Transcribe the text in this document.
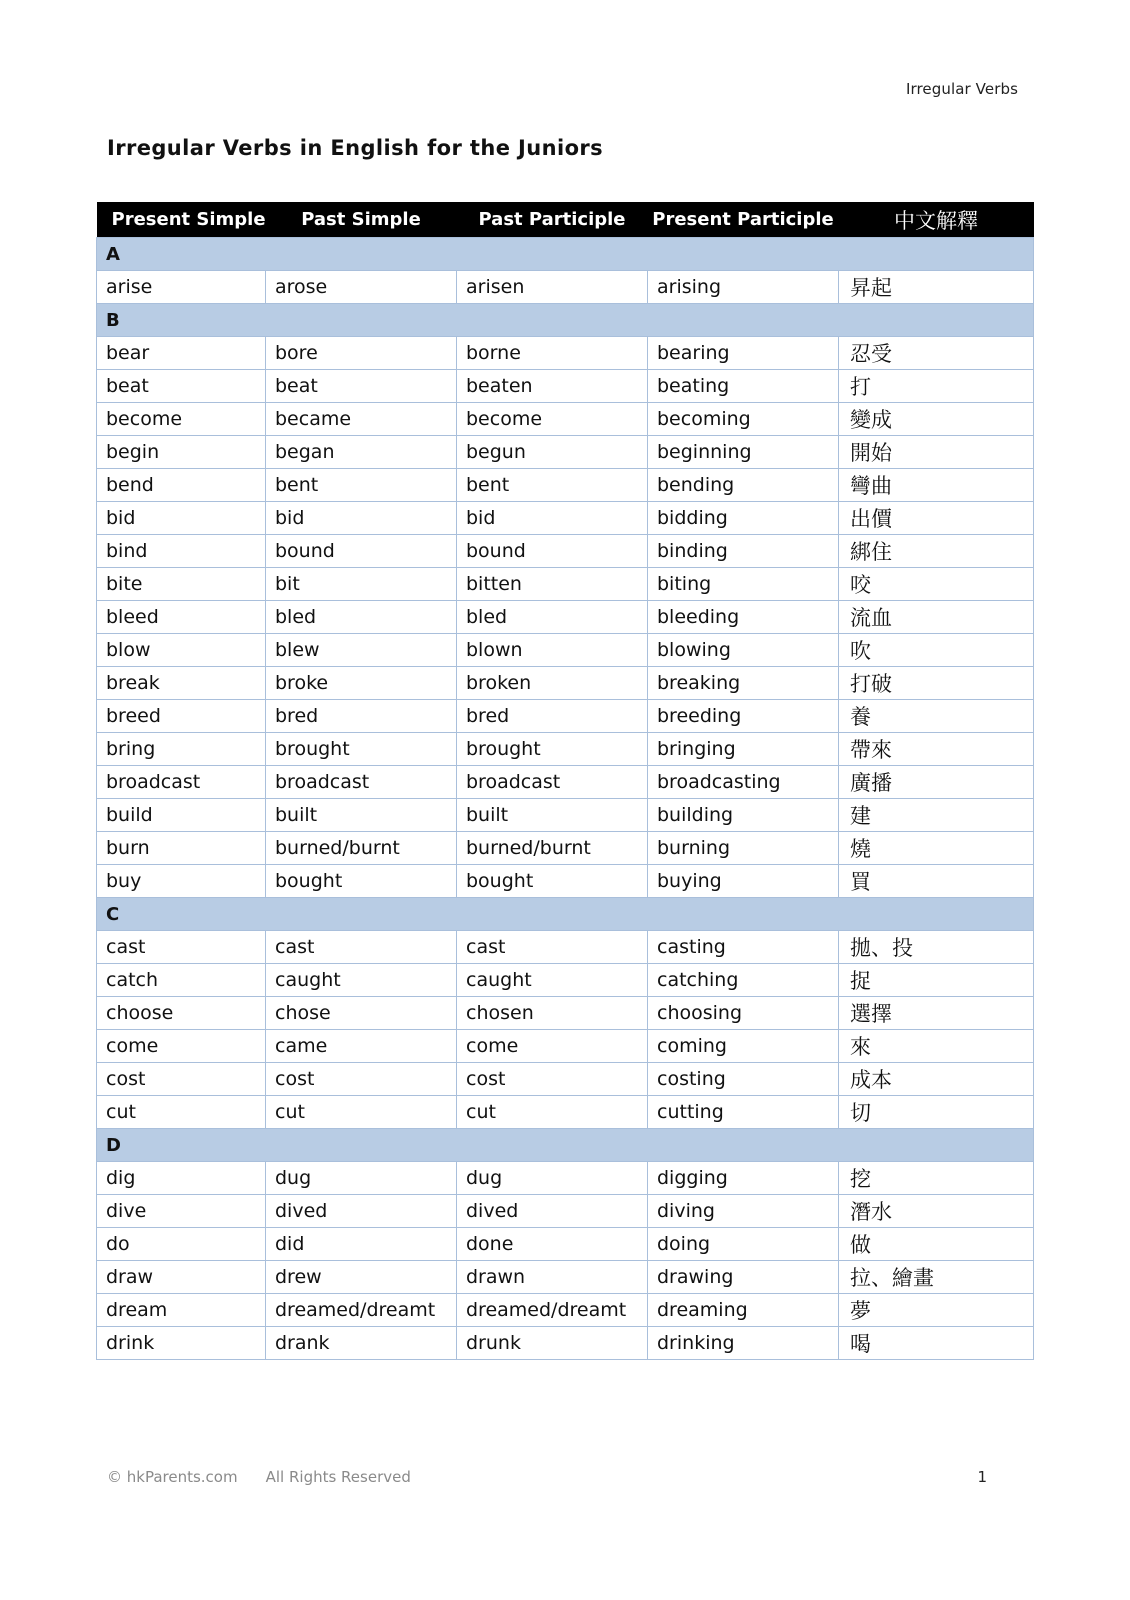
Irregular Verbs
Irregular Verbs in English for the Juniors
Present Simple	Past Simple	Past Participle	Present Participle	中文解釋
A				
arise	arose	arisen	arising	昇起
B				
bear	bore	borne	bearing	忍受
beat	beat	beaten	beating	打
become	became	become	becoming	變成
begin	began	begun	beginning	開始
bend	bent	bent	bending	彎曲
bid	bid	bid	bidding	出價
bind	bound	bound	binding	綁住
bite	bit	bitten	biting	咬
bleed	bled	bled	bleeding	流血
blow	blew	blown	blowing	吹
break	broke	broken	breaking	打破
breed	bred	bred	breeding	養
bring	brought	brought	bringing	帶來
broadcast	broadcast	broadcast	broadcasting	廣播
build	built	built	building	建
burn	burned/burnt	burned/burnt	burning	燒
buy	bought	bought	buying	買
C				
cast	cast	cast	casting	拋、投
catch	caught	caught	catching	捉
choose	chose	chosen	choosing	選擇
come	came	come	coming	來
cost	cost	cost	costing	成本
cut	cut	cut	cutting	切
D				
dig	dug	dug	digging	挖
dive	dived	dived	diving	潛水
do	did	done	doing	做
draw	drew	drawn	drawing	拉、繪畫
dream	dreamed/dreamt	dreamed/dreamt	dreaming	夢
drink	drank	drunk	drinking	喝
© hkParents.com All Rights Reserved	1
